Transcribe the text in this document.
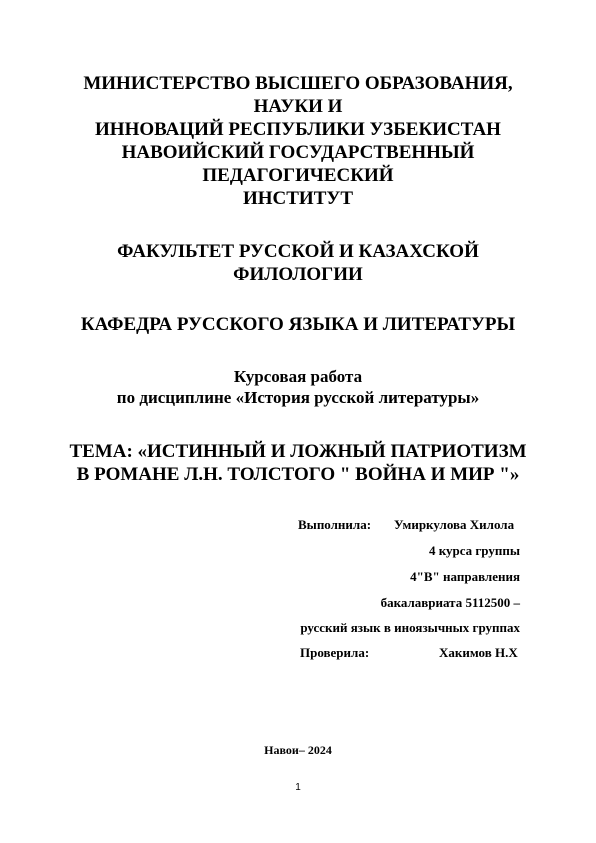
МИНИСТЕРСТВО ВЫСШЕГО ОБРАЗОВАНИЯ,
НАУКИ И
ИННОВАЦИЙ РЕСПУБЛИКИ УЗБЕКИСТАН
НАВОИЙСКИЙ ГОСУДАРСТВЕННЫЙ
ПЕДАГОГИЧЕСКИЙ
ИНСТИТУТ
ФАКУЛЬТЕТ РУССКОЙ И КАЗАХСКОЙ
ФИЛОЛОГИИ
КАФЕДРА РУССКОГО ЯЗЫКА И ЛИТЕРАТУРЫ
Курсовая работа
по дисциплине «История русской литературы»
ТЕМА: «ИСТИННЫЙ И ЛОЖНЫЙ ПАТРИОТИЗМ
В РОМАНЕ Л.Н. ТОЛСТОГО " ВОЙНА И МИР "»
Выполнила: Умиркулова Хилола
4 курса группы
4"В" направления
бакалавриата 5112500 –
русский язык в иноязычных группах
Проверила:	Хакимов Н.Х
Навои– 2024
1
